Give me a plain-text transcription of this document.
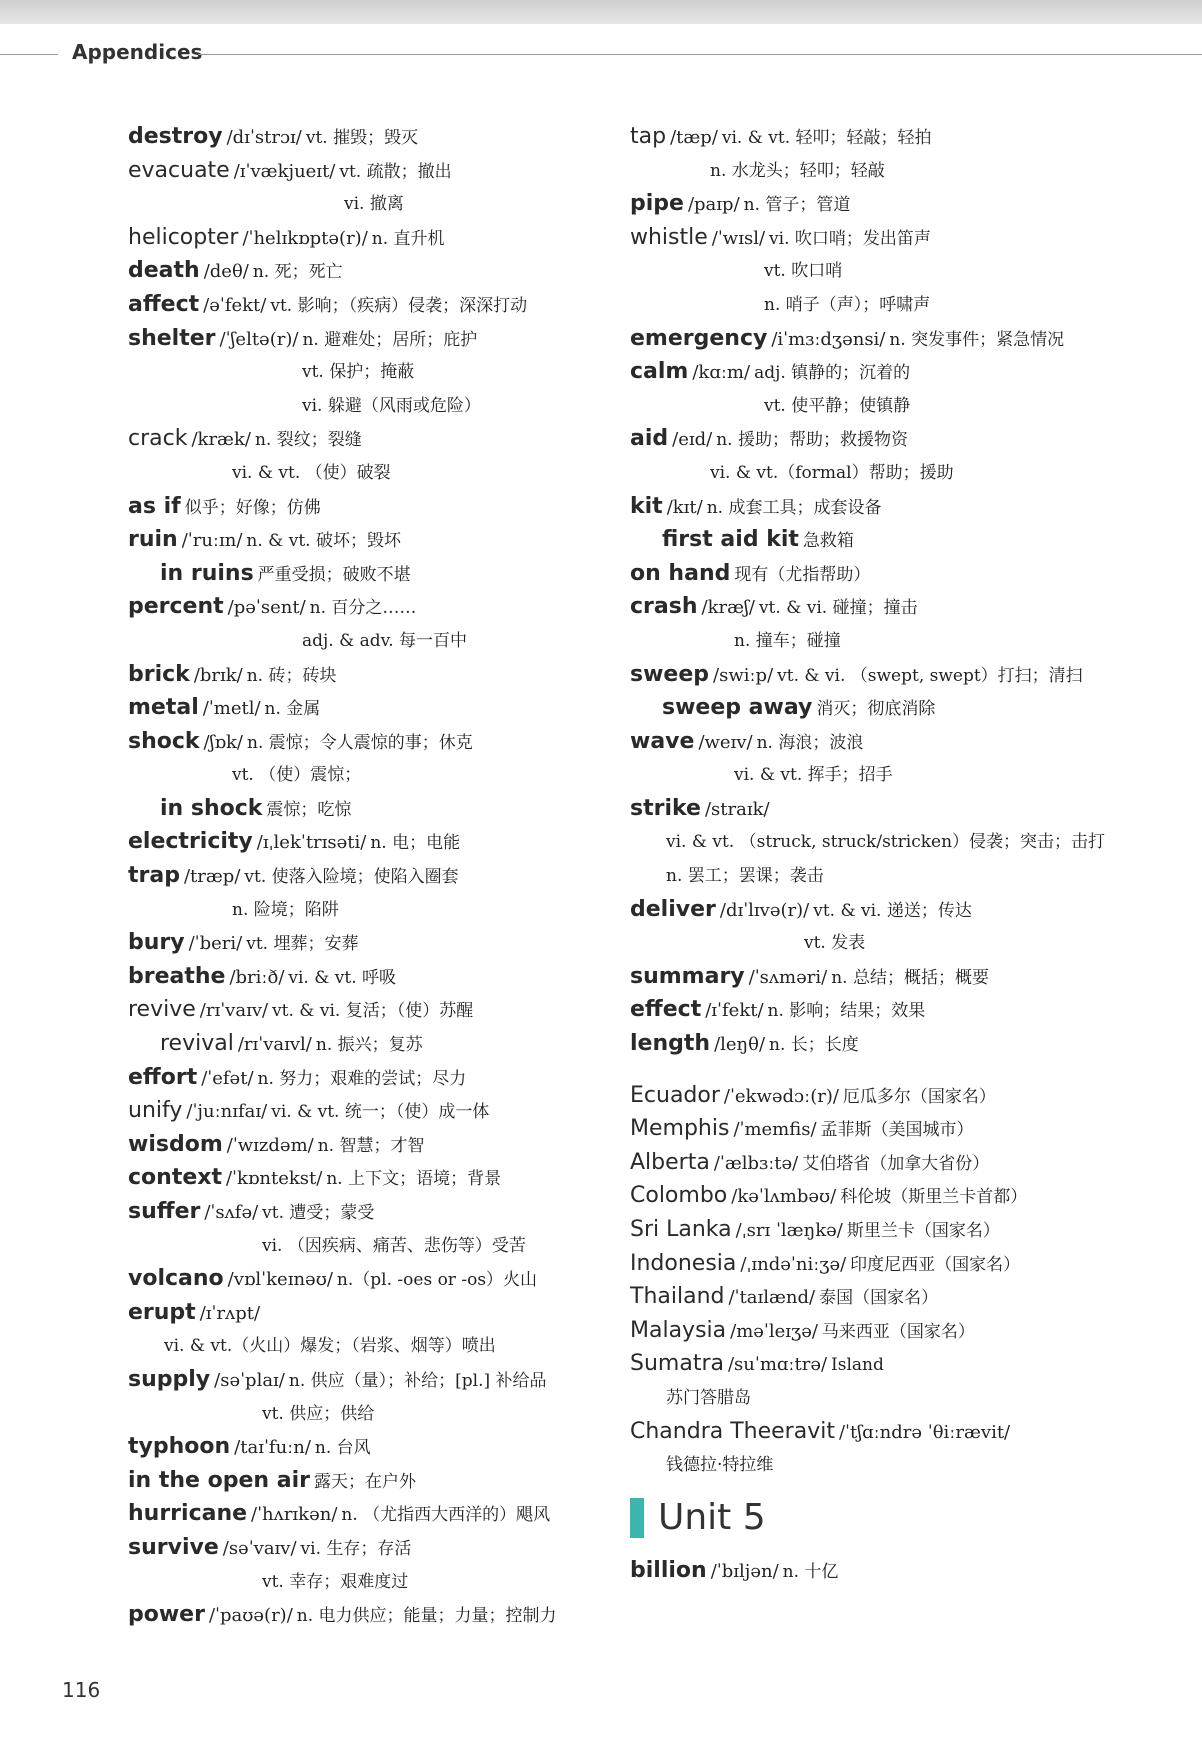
Appendices
destroy /dɪˈstrɔɪ/ vt. 摧毁；毁灭
evacuate /ɪˈvækjueɪt/ vt. 疏散；撤出
vi. 撤离
helicopter /ˈhelɪkɒptə(r)/ n. 直升机
death /deθ/ n. 死；死亡
affect /əˈfekt/ vt. 影响；（疾病）侵袭；深深打动
shelter /ˈʃeltə(r)/ n. 避难处；居所；庇护
vt. 保护；掩蔽
vi. 躲避（风雨或危险）
crack /kræk/ n. 裂纹；裂缝
vi. & vt. （使）破裂
as if 似乎；好像；仿佛
ruin /ˈruːɪn/ n. & vt. 破坏；毁坏
in ruins 严重受损；破败不堪
percent /pəˈsent/ n. 百分之……
adj. & adv. 每一百中
brick /brɪk/ n. 砖；砖块
metal /ˈmetl/ n. 金属
shock /ʃɒk/ n. 震惊；令人震惊的事；休克
vt. （使）震惊；
in shock 震惊；吃惊
electricity /ɪˌlekˈtrɪsəti/ n. 电；电能
trap /træp/ vt. 使落入险境；使陷入圈套
n. 险境；陷阱
bury /ˈberi/ vt. 埋葬；安葬
breathe /briːð/ vi. & vt. 呼吸
revive /rɪˈvaɪv/ vt. & vi. 复活；（使）苏醒
revival /rɪˈvaɪvl/ n. 振兴；复苏
effort /ˈefət/ n. 努力；艰难的尝试；尽力
unify /ˈjuːnɪfaɪ/ vi. & vt. 统一；（使）成一体
wisdom /ˈwɪzdəm/ n. 智慧；才智
context /ˈkɒntekst/ n. 上下文；语境；背景
suffer /ˈsʌfə/ vt. 遭受；蒙受
vi. （因疾病、痛苦、悲伤等）受苦
volcano /vɒlˈkeɪnəʊ/ n.（pl. -oes or -os）火山
erupt /ɪˈrʌpt/
vi. & vt.（火山）爆发；（岩浆、烟等）喷出
supply /səˈplaɪ/ n. 供应（量）；补给；[pl.] 补给品
vt. 供应；供给
typhoon /taɪˈfuːn/ n. 台风
in the open air 露天；在户外
hurricane /ˈhʌrɪkən/ n. （尤指西大西洋的）飓风
survive /səˈvaɪv/ vi. 生存；存活
vt. 幸存；艰难度过
power /ˈpaʊə(r)/ n. 电力供应；能量；力量；控制力
tap /tæp/ vi. & vt. 轻叩；轻敲；轻拍
n. 水龙头；轻叩；轻敲
pipe /paɪp/ n. 管子；管道
whistle /ˈwɪsl/ vi. 吹口哨；发出笛声
vt. 吹口哨
n. 哨子（声）；呼啸声
emergency /iˈmɜːdʒənsi/ n. 突发事件；紧急情况
calm /kɑːm/ adj. 镇静的；沉着的
vt. 使平静；使镇静
aid /eɪd/ n. 援助；帮助；救援物资
vi. & vt.（formal）帮助；援助
kit /kɪt/ n. 成套工具；成套设备
first aid kit 急救箱
on hand 现有（尤指帮助）
crash /kræʃ/ vt. & vi. 碰撞；撞击
n. 撞车；碰撞
sweep /swiːp/ vt. & vi. （swept, swept）打扫；清扫
sweep away 消灭；彻底消除
wave /weɪv/ n. 海浪；波浪
vi. & vt. 挥手；招手
strike /straɪk/
vi. & vt. （struck, struck/stricken）侵袭；突击；击打
n. 罢工；罢课；袭击
deliver /dɪˈlɪvə(r)/ vt. & vi. 递送；传达
vt. 发表
summary /ˈsʌməri/ n. 总结；概括；概要
effect /ɪˈfekt/ n. 影响；结果；效果
length /leŋθ/ n. 长；长度
Ecuador /ˈekwədɔː(r)/ 厄瓜多尔（国家名）
Memphis /ˈmemfis/ 孟菲斯（美国城市）
Alberta /ˈælbɜːtə/ 艾伯塔省（加拿大省份）
Colombo /kəˈlʌmbəʊ/ 科伦坡（斯里兰卡首都）
Sri Lanka /ˌsrɪ ˈlæŋkə/ 斯里兰卡（国家名）
Indonesia /ˌɪndəˈniːʒə/ 印度尼西亚（国家名）
Thailand /ˈtaɪlænd/ 泰国（国家名）
Malaysia /məˈleɪʒə/ 马来西亚（国家名）
Sumatra /suˈmɑːtrə/ Island
苏门答腊岛
Chandra Theeravit /ˈtʃɑːndrə ˈθiːrævit/
钱德拉·特拉维
Unit 5
billion /ˈbɪljən/ n. 十亿
116
